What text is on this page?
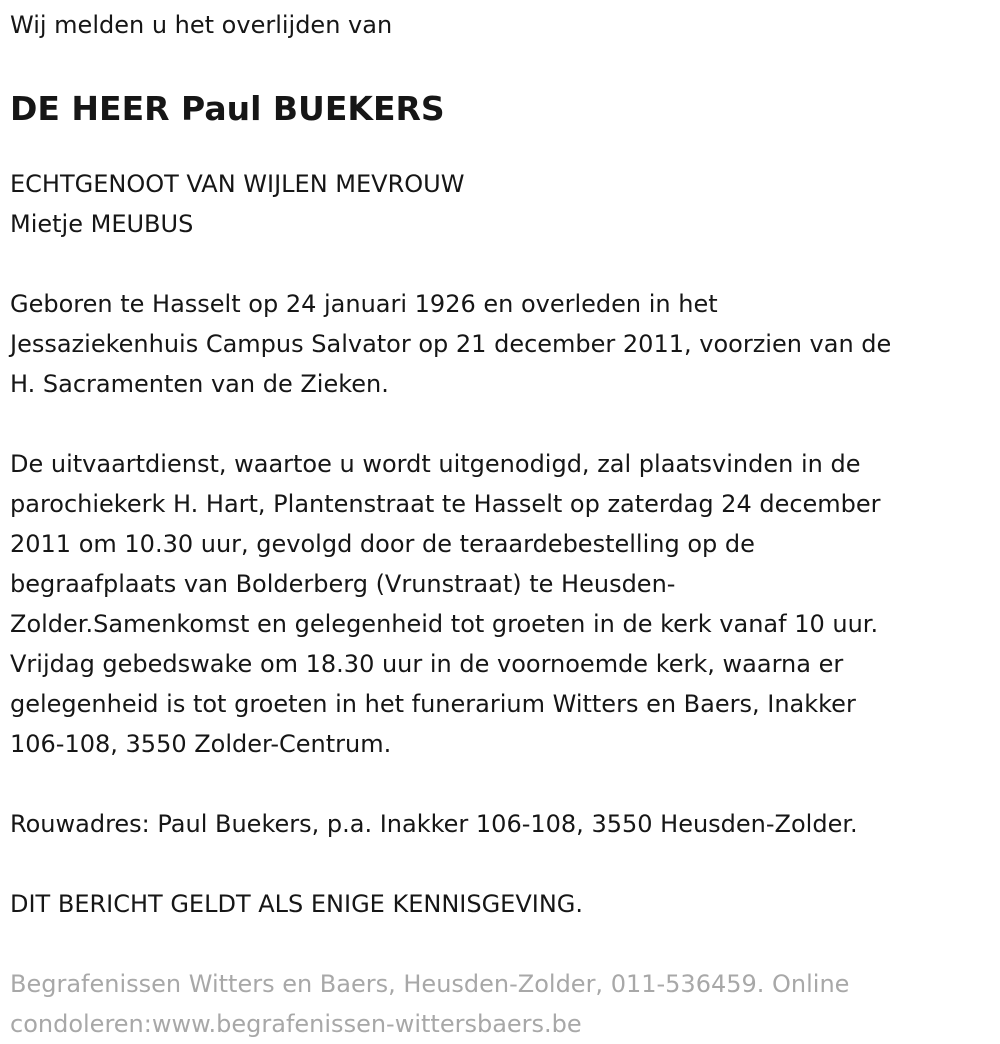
Wij melden u het overlijden van

DE HEER Paul BUEKERS

ECHTGENOOT VAN WIJLEN MEVROUW

Mietje MEUBUS

Geboren te Hasselt op 24 januari 1926 en overleden in het

Jessaziekenhuis Campus Salvator op 21 december 2011, voorzien van de

H. Sacramenten van de Zieken.

De uitvaartdienst, waartoe u wordt uitgenodigd, zal plaatsvinden in de

parochiekerk H. Hart, Plantenstraat te Hasselt op zaterdag 24 december

2011 om 10.30 uur, gevolgd door de teraardebestelling op de

begraafplaats van Bolderberg (Vrunstraat) te Heusden-

Zolder.Samenkomst en gelegenheid tot groeten in de kerk vanaf 10 uur.

Vrijdag gebedswake om 18.30 uur in de voornoemde kerk, waarna er

gelegenheid is tot groeten in het funerarium Witters en Baers, Inakker

106-108, 3550 Zolder-Centrum.

Rouwadres: Paul Buekers, p.a. Inakker 106-108, 3550 Heusden-Zolder.

DIT BERICHT GELDT ALS ENIGE KENNISGEVING.

Begrafenissen Witters en Baers, Heusden-Zolder, 011-536459. Online

condoleren:www.begrafenissen-wittersbaers.be
